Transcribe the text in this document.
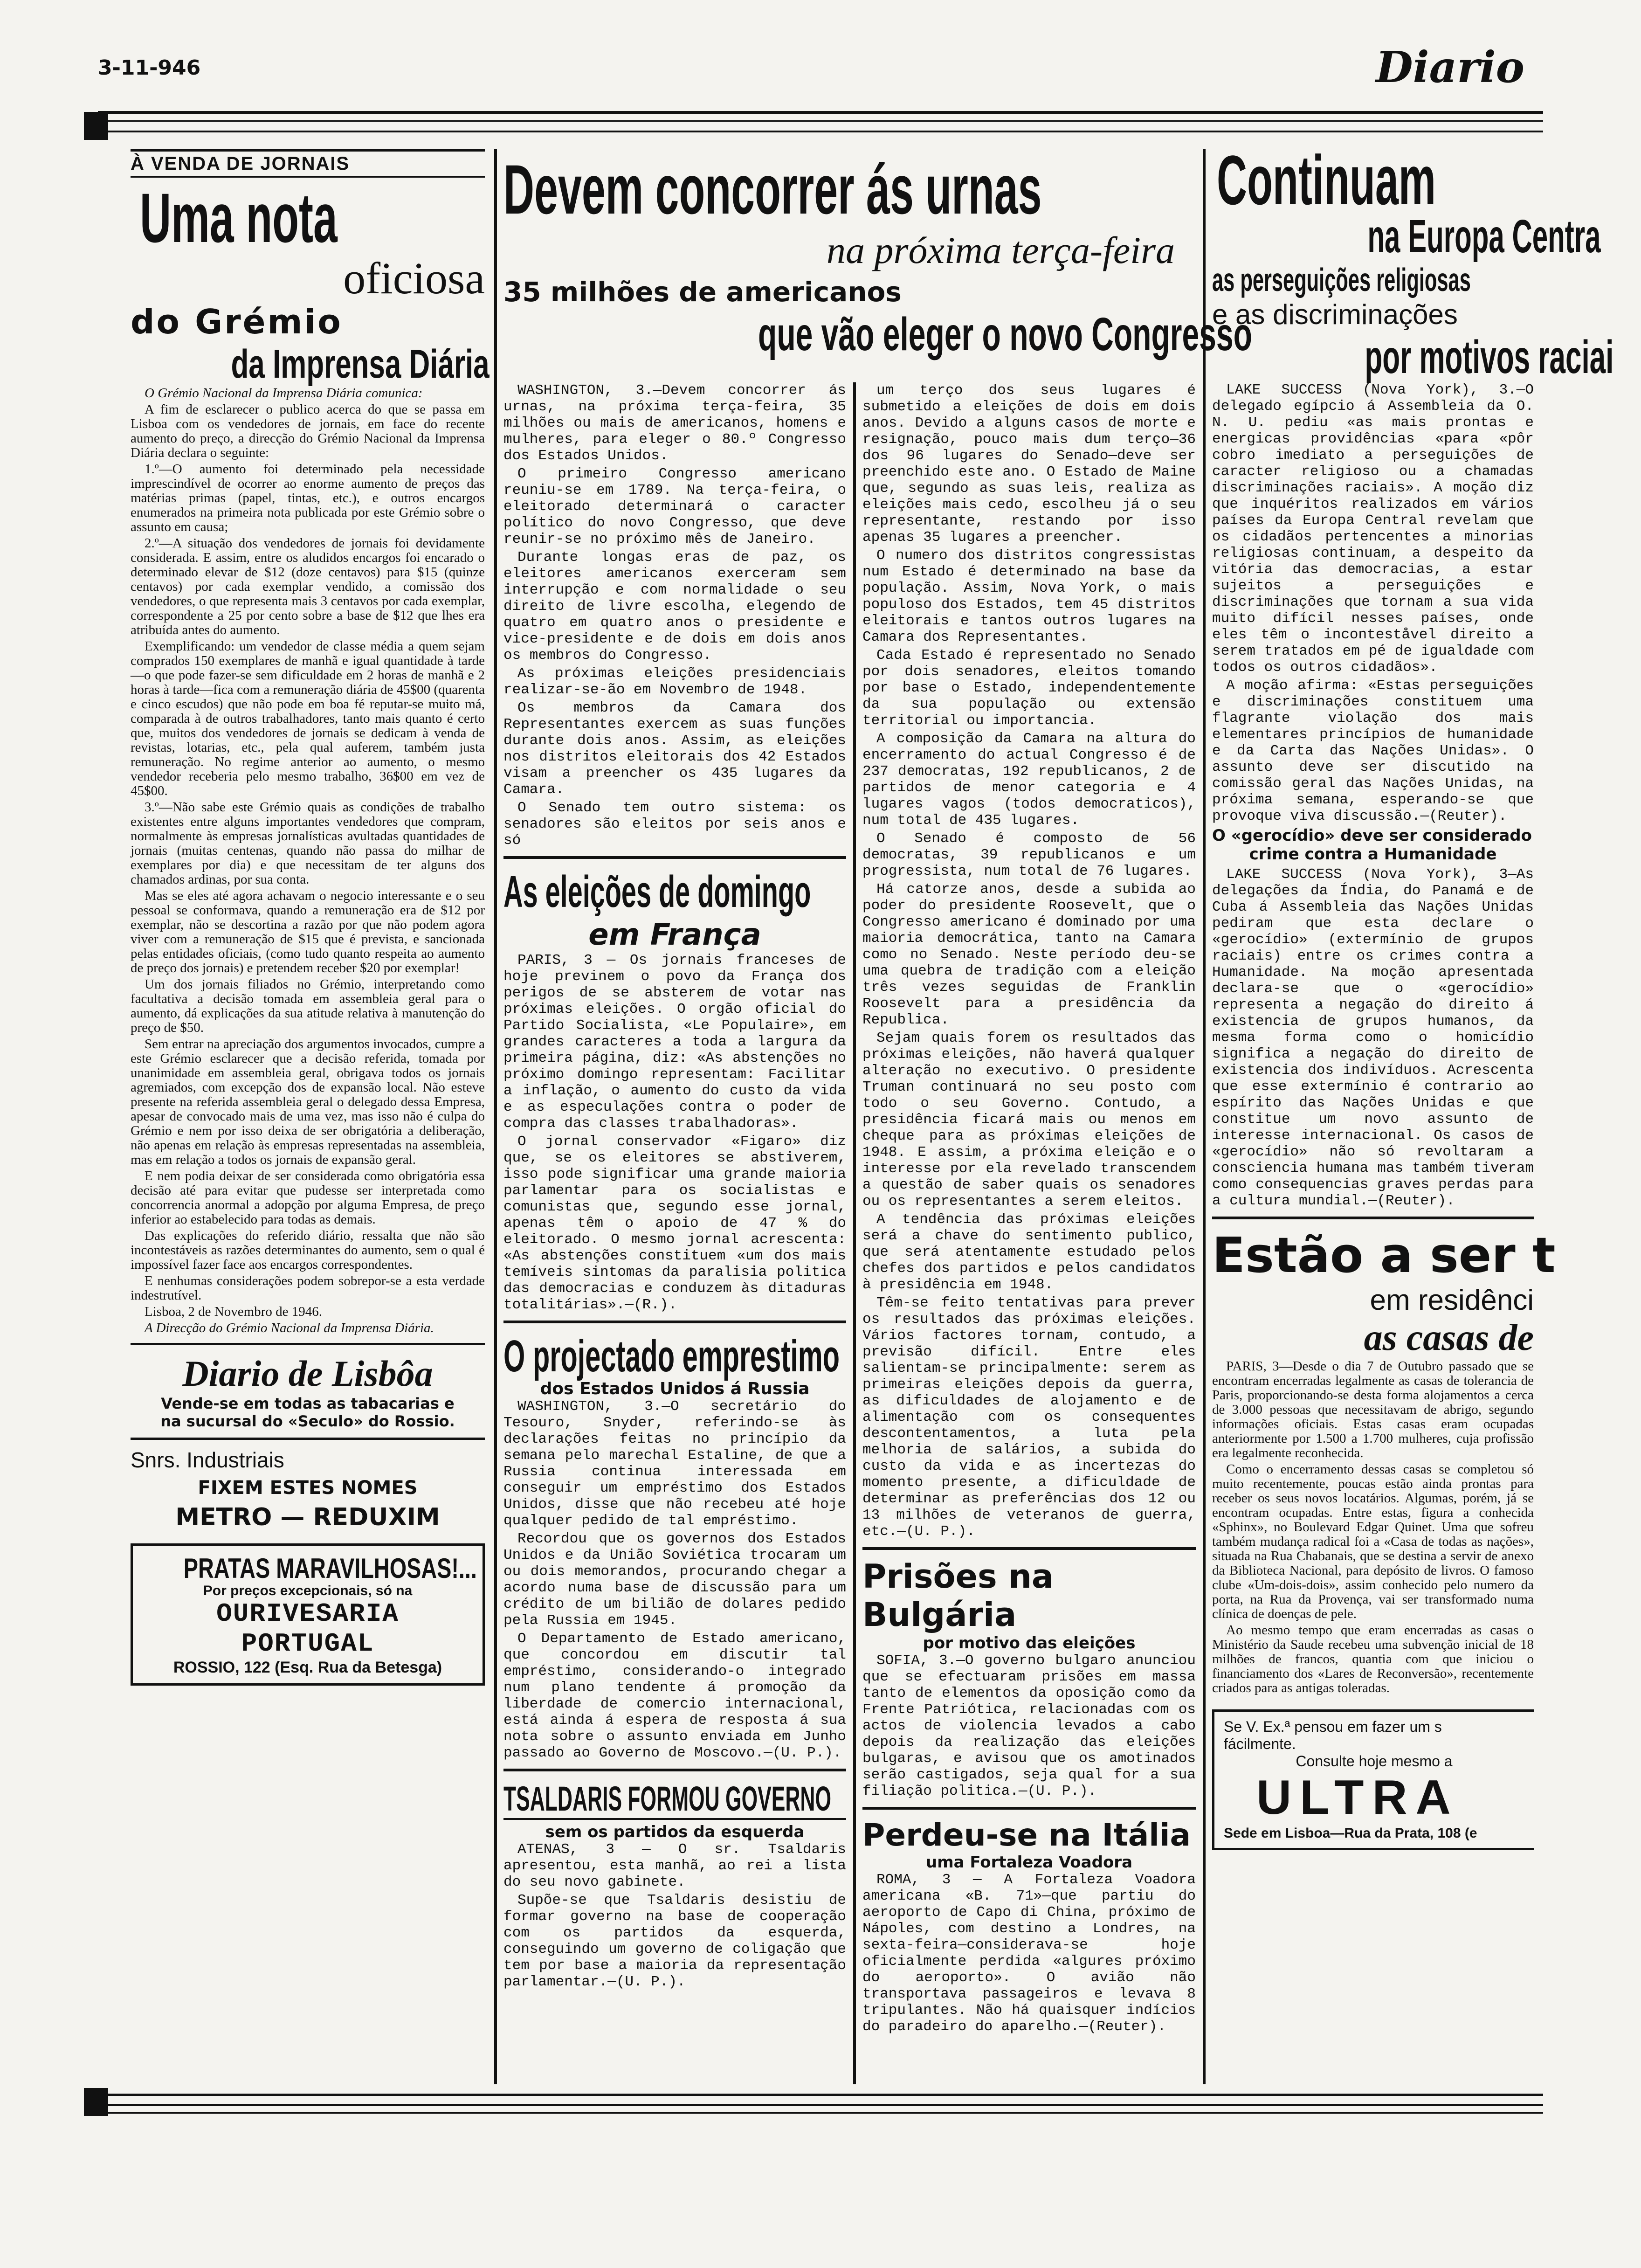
3-11-946	Diario
À VENDA DE JORNAIS
Uma nota
oficiosa
do Grémio
da Imprensa Diária

O Grémio Nacional da Imprensa Diária comunica:

A fim de esclarecer o publico acerca do que se passa em Lisboa com os vendedores de jornais, em face do recente aumento do preço, a direcção do Grémio Nacional da Imprensa Diária declara o seguinte:

1.º—O aumento foi determinado pela necessidade imprescindível de ocorrer ao enorme aumento de preços das matérias primas (papel, tintas, etc.), e outros encargos enumerados na primeira nota publicada por este Grémio sobre o assunto em causa;

2.º—A situação dos vendedores de jornais foi devidamente considerada. E assim, entre os aludidos encargos foi encarado o determinado elevar de $12 (doze centavos) para $15 (quinze centavos) por cada exemplar vendido, a comissão dos vendedores, o que representa mais 3 centavos por cada exemplar, correspondente a 25 por cento sobre a base de $12 que lhes era atribuída antes do aumento.

Exemplificando: um vendedor de classe média a quem sejam comprados 150 exemplares de manhã e igual quantidade à tarde—o que pode fazer-se sem dificuldade em 2 horas de manhã e 2 horas à tarde—fica com a remuneração diária de 45$00 (quarenta e cinco escudos) que não pode em boa fé reputar-se muito má, comparada à de outros trabalhadores, tanto mais quanto é certo que, muitos dos vendedores de jornais se dedicam à venda de revistas, lotarias, etc., pela qual auferem, também justa remuneração. No regime anterior ao aumento, o mesmo vendedor receberia pelo mesmo trabalho, 36$00 em vez de 45$00.

3.º—Não sabe este Grémio quais as condições de trabalho existentes entre alguns importantes vendedores que compram, normalmente às empresas jornalísticas avultadas quantidades de jornais (muitas centenas, quando não passa do milhar de exemplares por dia) e que necessitam de ter alguns dos chamados ardinas, por sua conta.

Mas se eles até agora achavam o negocio interessante e o seu pessoal se conformava, quando a remuneração era de $12 por exemplar, não se descortina a razão por que não podem agora viver com a remuneração de $15 que é prevista, e sancionada pelas entidades oficiais, (como tudo quanto respeita ao aumento de preço dos jornais) e pretendem receber $20 por exemplar!

Um dos jornais filiados no Grémio, interpretando como facultativa a decisão tomada em assembleia geral para o aumento, dá explicações da sua atitude relativa à manutenção do preço de $50.

Sem entrar na apreciação dos argumentos invocados, cumpre a este Grémio esclarecer que a decisão referida, tomada por unanimidade em assembleia geral, obrigava todos os jornais agremiados, com excepção dos de expansão local. Não esteve presente na referida assembleia geral o delegado dessa Empresa, apesar de convocado mais de uma vez, mas isso não é culpa do Grémio e nem por isso deixa de ser obrigatória a deliberação, não apenas em relação às empresas representadas na assembleia, mas em relação a todos os jornais de expansão geral.

E nem podia deixar de ser considerada como obrigatória essa decisão até para evitar que pudesse ser interpretada como concorrencia anormal a adopção por alguma Empresa, de preço inferior ao estabelecido para todas as demais.

Das explicações do referido diário, ressalta que não são incontestáveis as razões determinantes do aumento, sem o qual é impossível fazer face aos encargos correspondentes.

E nenhumas considerações podem sobrepor-se a esta verdade indestrutível.

Lisboa, 2 de Novembro de 1946.

A Direcção do Grémio Nacional da Imprensa Diária.

Diario de Lisbôa
Vende-se em todas as tabacarias e
na sucursal do «Seculo» do Rossio.
Snrs. Industriais
FIXEM ESTES NOMES
METRO — REDUXIM
PRATAS MARAVILHOSAS!...
Por preços excepcionais, só na
OURIVESARIA PORTUGAL
ROSSIO, 122 (Esq. Rua da Betesga)
Devem concorrer ás urnas
na próxima terça-feira
35 milhões de americanos
que vão eleger o novo Congresso

WASHINGTON, 3.—Devem concorrer ás urnas, na próxima terça-feira, 35 milhões ou mais de americanos, homens e mulheres, para eleger o 80.º Congresso dos Estados Unidos.

O primeiro Congresso americano reuniu-se em 1789. Na terça-feira, o eleitorado determinará o caracter político do novo Congresso, que deve reunir-se no próximo mês de Janeiro.

Durante longas eras de paz, os eleitores americanos exerceram sem interrupção e com normalidade o seu direito de livre escolha, elegendo de quatro em quatro anos o presidente e vice-presidente e de dois em dois anos os membros do Congresso.

As próximas eleições presidenciais realizar-se-ão em Novembro de 1948.

Os membros da Camara dos Representantes exercem as suas funções durante dois anos. Assim, as eleições nos distritos eleitorais dos 42 Estados visam a preencher os 435 lugares da Camara.

O Senado tem outro sistema: os senadores são eleitos por seis anos e só

As eleições de domingo
em França

PARIS, 3 — Os jornais franceses de hoje previnem o povo da França dos perigos de se absterem de votar nas próximas eleições. O orgão oficial do Partido Socialista, «Le Populaire», em grandes caracteres a toda a largura da primeira página, diz: «As abstenções no próximo domingo representam: Facilitar a inflação, o aumento do custo da vida e as especulações contra o poder de compra das classes trabalhadoras».

O jornal conservador «Figaro» diz que, se os eleitores se abstiverem, isso pode significar uma grande maioria parlamentar para os socialistas e comunistas que, segundo esse jornal, apenas têm o apoio de 47 % do eleitorado. O mesmo jornal acrescenta: «As abstenções constituem «um dos mais temíveis sintomas da paralisia politica das democracias e conduzem às ditaduras totalitárias».—(R.).

O projectado emprestimo
dos Estados Unidos á Russia

WASHINGTON, 3.—O secretário do Tesouro, Snyder, referindo-se às declarações feitas no princípio da semana pelo marechal Estaline, de que a Russia continua interessada em conseguir um empréstimo dos Estados Unidos, disse que não recebeu até hoje qualquer pedido de tal empréstimo.

Recordou que os governos dos Estados Unidos e da União Soviética trocaram um ou dois memorandos, procurando chegar a acordo numa base de discussão para um crédito de um bilião de dolares pedido pela Russia em 1945.

O Departamento de Estado americano, que concordou em discutir tal empréstimo, considerando-o integrado num plano tendente á promoção da liberdade de comercio internacional, está ainda á espera de resposta á sua nota sobre o assunto enviada em Junho passado ao Governo de Moscovo.—(U. P.).

TSALDARIS FORMOU GOVERNO
sem os partidos da esquerda

ATENAS, 3 — O sr. Tsaldaris apresentou, esta manhã, ao rei a lista do seu novo gabinete.

Supõe-se que Tsaldaris desistiu de formar governo na base de cooperação com os partidos da esquerda, conseguindo um governo de coligação que tem por base a maioria da representação parlamentar.—(U. P.).

um terço dos seus lugares é submetido a eleições de dois em dois anos. Devido a alguns casos de morte e resignação, pouco mais dum terço—36 dos 96 lugares do Senado—deve ser preenchido este ano. O Estado de Maine que, segundo as suas leis, realiza as eleições mais cedo, escolheu já o seu representante, restando por isso apenas 35 lugares a preencher.

O numero dos distritos congressistas num Estado é determinado na base da população. Assim, Nova York, o mais populoso dos Estados, tem 45 distritos eleitorais e tantos outros lugares na Camara dos Representantes.

Cada Estado é representado no Senado por dois senadores, eleitos tomando por base o Estado, independentemente da sua população ou extensão territorial ou importancia.

A composição da Camara na altura do encerramento do actual Congresso é de 237 democratas, 192 republicanos, 2 de partidos de menor categoria e 4 lugares vagos (todos democraticos), num total de 435 lugares.

O Senado é composto de 56 democratas, 39 republicanos e um progressista, num total de 76 lugares.

Há catorze anos, desde a subida ao poder do presidente Roosevelt, que o Congresso americano é dominado por uma maioria democrática, tanto na Camara como no Senado. Neste período deu-se uma quebra de tradição com a eleição três vezes seguidas de Franklin Roosevelt para a presidência da Republica.

Sejam quais forem os resultados das próximas eleições, não haverá qualquer alteração no executivo. O presidente Truman continuará no seu posto com todo o seu Governo. Contudo, a presidência ficará mais ou menos em cheque para as próximas eleições de 1948. E assim, a próxima eleição e o interesse por ela revelado transcendem a questão de saber quais os senadores ou os representantes a serem eleitos.

A tendência das próximas eleições será a chave do sentimento publico, que será atentamente estudado pelos chefes dos partidos e pelos candidatos à presidência em 1948.

Têm-se feito tentativas para prever os resultados das próximas eleições. Vários factores tornam, contudo, a previsão difícil. Entre eles salientam-se principalmente: serem as primeiras eleições depois da guerra, as dificuldades de alojamento e de alimentação com os consequentes descontentamentos, a luta pela melhoria de salários, a subida do custo da vida e as incertezas do momento presente, a dificuldade de determinar as preferências dos 12 ou 13 milhões de veteranos de guerra, etc.—(U. P.).

Prisões na Bulgária
por motivo das eleições

SOFIA, 3.—O governo bulgaro anunciou que se efectuaram prisões em massa tanto de elementos da oposição como da Frente Patriótica, relacionadas com os actos de violencia levados a cabo depois da realização das eleições bulgaras, e avisou que os amotinados serão castigados, seja qual for a sua filiação politica.—(U. P.).

Perdeu-se na Itália
uma Fortaleza Voadora

ROMA, 3 — A Fortaleza Voadora americana «B. 71»—que partiu do aeroporto de Capo di China, próximo de Nápoles, com destino a Londres, na sexta-feira—considerava-se hoje oficialmente perdida «algures próximo do aeroporto». O avião não transportava passageiros e levava 8 tripulantes. Não há quaisquer indícios do paradeiro do aparelho.—(Reuter).

Continuam
na Europa Centra
as perseguições religiosas
e as discriminações
por motivos raciai

LAKE SUCCESS (Nova York), 3.—O delegado egípcio á Assembleia da O. N. U. pediu «as mais prontas e energicas providências «para «pôr cobro imediato a perseguições de caracter religioso ou a chamadas discriminações raciais». A moção diz que inquéritos realizados em vários países da Europa Central revelam que os cidadãos pertencentes a minorias religiosas continuam, a despeito da vitória das democracias, a estar sujeitos a perseguições e discriminações que tornam a sua vida muito difícil nesses países, onde eles têm o inconteståvel direito a serem tratados em pé de igualdade com todos os outros cidadãos».

A moção afirma: «Estas perseguições e discriminações constituem uma flagrante violação dos mais elementares princípios de humanidade e da Carta das Nações Unidas». O assunto deve ser discutido na comissão geral das Nações Unidas, na próxima semana, esperando-se que provoque viva discussão.—(Reuter).

O «gerocídio» deve ser considerado
crime contra a Humanidade

LAKE SUCCESS (Nova York), 3—As delegações da Índia, do Panamá e de Cuba á Assembleia das Nações Unidas pediram que esta declare o «gerocídio» (extermínio de grupos raciais) entre os crimes contra a Humanidade. Na moção apresentada declara-se que o «gerocídio» representa a negação do direito á existencia de grupos humanos, da mesma forma como o homicídio significa a negação do direito de existencia dos indivíduos. Acrescenta que esse extermínio é contrario ao espírito das Nações Unidas e que constitue um novo assunto de interesse internacional. Os casos de «gerocídio» não só revoltaram a consciencia humana mas também tiveram como consequencias graves perdas para a cultura mundial.—(Reuter).

Estão a ser t
em residênci
as casas de

PARIS, 3—Desde o dia 7 de Outubro passado que se encontram encerradas legalmente as casas de tolerancia de Paris, proporcionando-se desta forma alojamentos a cerca de 3.000 pessoas que necessitavam de abrigo, segundo informações oficiais. Estas casas eram ocupadas anteriormente por 1.500 a 1.700 mulheres, cuja profissão era legalmente reconhecida.

Como o encerramento dessas casas se completou só muito recentemente, poucas estão ainda prontas para receber os seus novos locatários. Algumas, porém, já se encontram ocupadas. Entre estas, figura a conhecida «Sphinx», no Boulevard Edgar Quinet. Uma que sofreu também mudança radical foi a «Casa de todas as nações», situada na Rua Chabanais, que se destina a servir de anexo da Biblioteca Nacional, para depósito de livros. O famoso clube «Um-dois-dois», assim conhecido pelo numero da porta, na Rua da Provença, vai ser transformado numa clínica de doenças de pele.

Ao mesmo tempo que eram encerradas as casas o Ministério da Saude recebeu uma subvenção inicial de 18 milhões de francos, quantia com que iniciou o financiamento dos «Lares de Reconversão», recentemente criados para as antigas toleradas.

Se V. Ex.ª pensou em fazer um s
fácilmente.
Consulte hoje mesmo a
ULTRA
Sede em Lisboa—Rua da Prata, 108 (e
